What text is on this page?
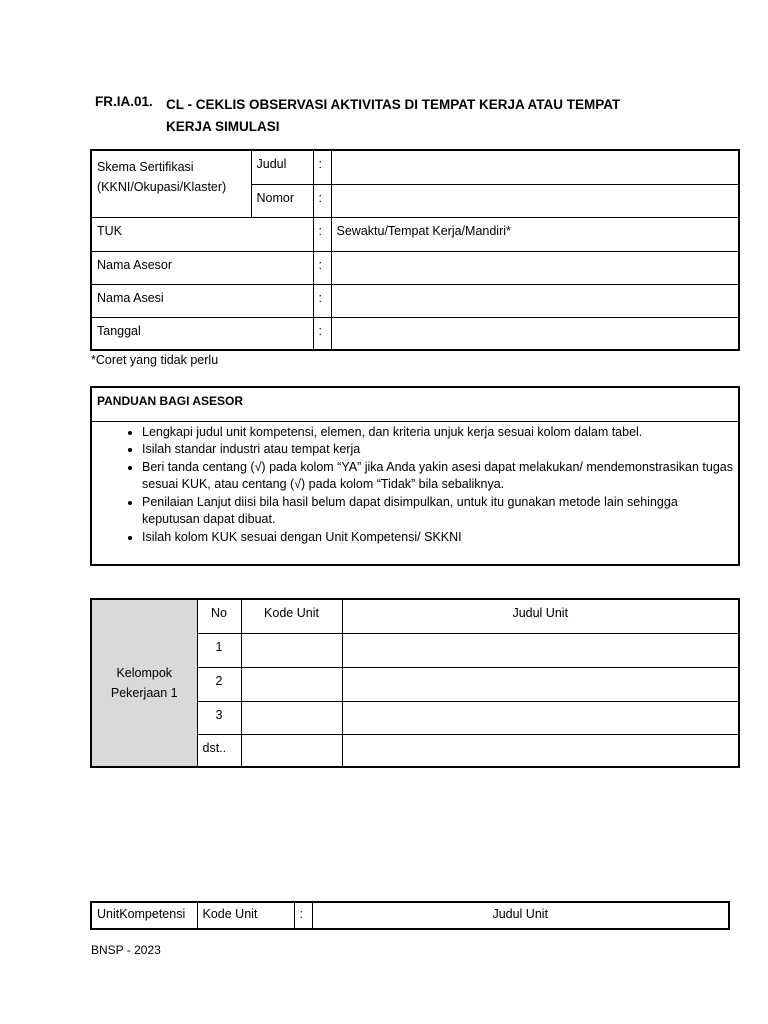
FR.IA.01. CL - CEKLIS OBSERVASI AKTIVITAS DI TEMPAT KERJA ATAU TEMPAT KERJA SIMULASI
Skema Sertifikasi (KKNI/Okupasi/Klaster)	Judul	:	
	Nomor	:	
TUK		:	Sewaktu/Tempat Kerja/Mandiri*
Nama Asesor		:	
Nama Asesi		:	
Tanggal		:	
*Coret yang tidak perlu
PANDUAN BAGI ASESOR

• Lengkapi judul unit kompetensi, elemen, dan kriteria unjuk kerja sesuai kolom dalam tabel.
• Isilah standar industri atau tempat kerja
• Beri tanda centang (√) pada kolom “YA” jika Anda yakin asesi dapat melakukan/ mendemonstrasikan tugas sesuai KUK, atau centang (√) pada kolom “Tidak” bila sebaliknya.
• Penilaian Lanjut diisi bila hasil belum dapat disimpulkan, untuk itu gunakan metode lain sehingga keputusan dapat dibuat.
• Isilah kolom KUK sesuai dengan Unit Kompetensi/ SKKNI
Kelompok Pekerjaan 1	No	Kode Unit	Judul Unit
	1		
	2		
	3		
	dst..		
UnitKompetensi	Kode Unit	:	Judul Unit
BNSP - 2023
